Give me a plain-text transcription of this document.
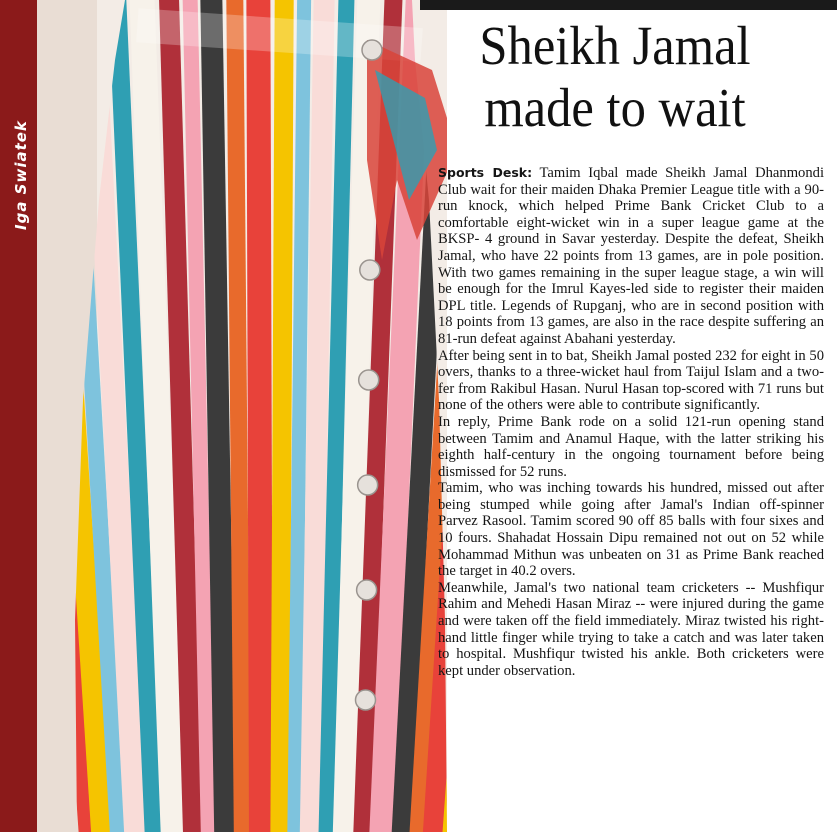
Iga Swiatek
Sheikh Jamal
made to wait

Sports Desk: Tamim Iqbal made Sheikh Jamal Dhanmondi Club wait for their maiden Dhaka Premier League title with a 90-run knock, which helped Prime Bank Cricket Club to a comfortable eight-wicket win in a super league game at the BKSP- 4 ground in Savar yesterday. Despite the defeat, Sheikh Jamal, who have 22 points from 13 games, are in pole position. With two games remaining in the super league stage, a win will be enough for the Imrul Kayes-led side to register their maiden DPL title. Legends of Rupganj, who are in second position with 18 points from 13 games, are also in the race despite suffering an 81-run defeat against Abahani yesterday.

After being sent in to bat, Sheikh Jamal posted 232 for eight in 50 overs, thanks to a three-wicket haul from Taijul Islam and a two-fer from Rakibul Hasan. Nurul Hasan top-scored with 71 runs but none of the others were able to contribute significantly.

In reply, Prime Bank rode on a solid 121-run opening stand between Tamim and Anamul Haque, with the latter striking his eighth half-century in the ongoing tournament before being dismissed for 52 runs.

Tamim, who was inching towards his hundred, missed out after being stumped while going after Jamal's Indian off-spinner Parvez Rasool. Tamim scored 90 off 85 balls with four sixes and 10 fours. Shahadat Hossain Dipu remained not out on 52 while Mohammad Mithun was unbeaten on 31 as Prime Bank reached the target in 40.2 overs.

Meanwhile, Jamal's two national team cricketers -- Mushfiqur Rahim and Mehedi Hasan Miraz -- were injured during the game and were taken off the field immediately. Miraz twisted his right-hand little finger while trying to take a catch and was later taken to hospital. Mushfiqur twisted his ankle. Both cricketers were kept under observation.
